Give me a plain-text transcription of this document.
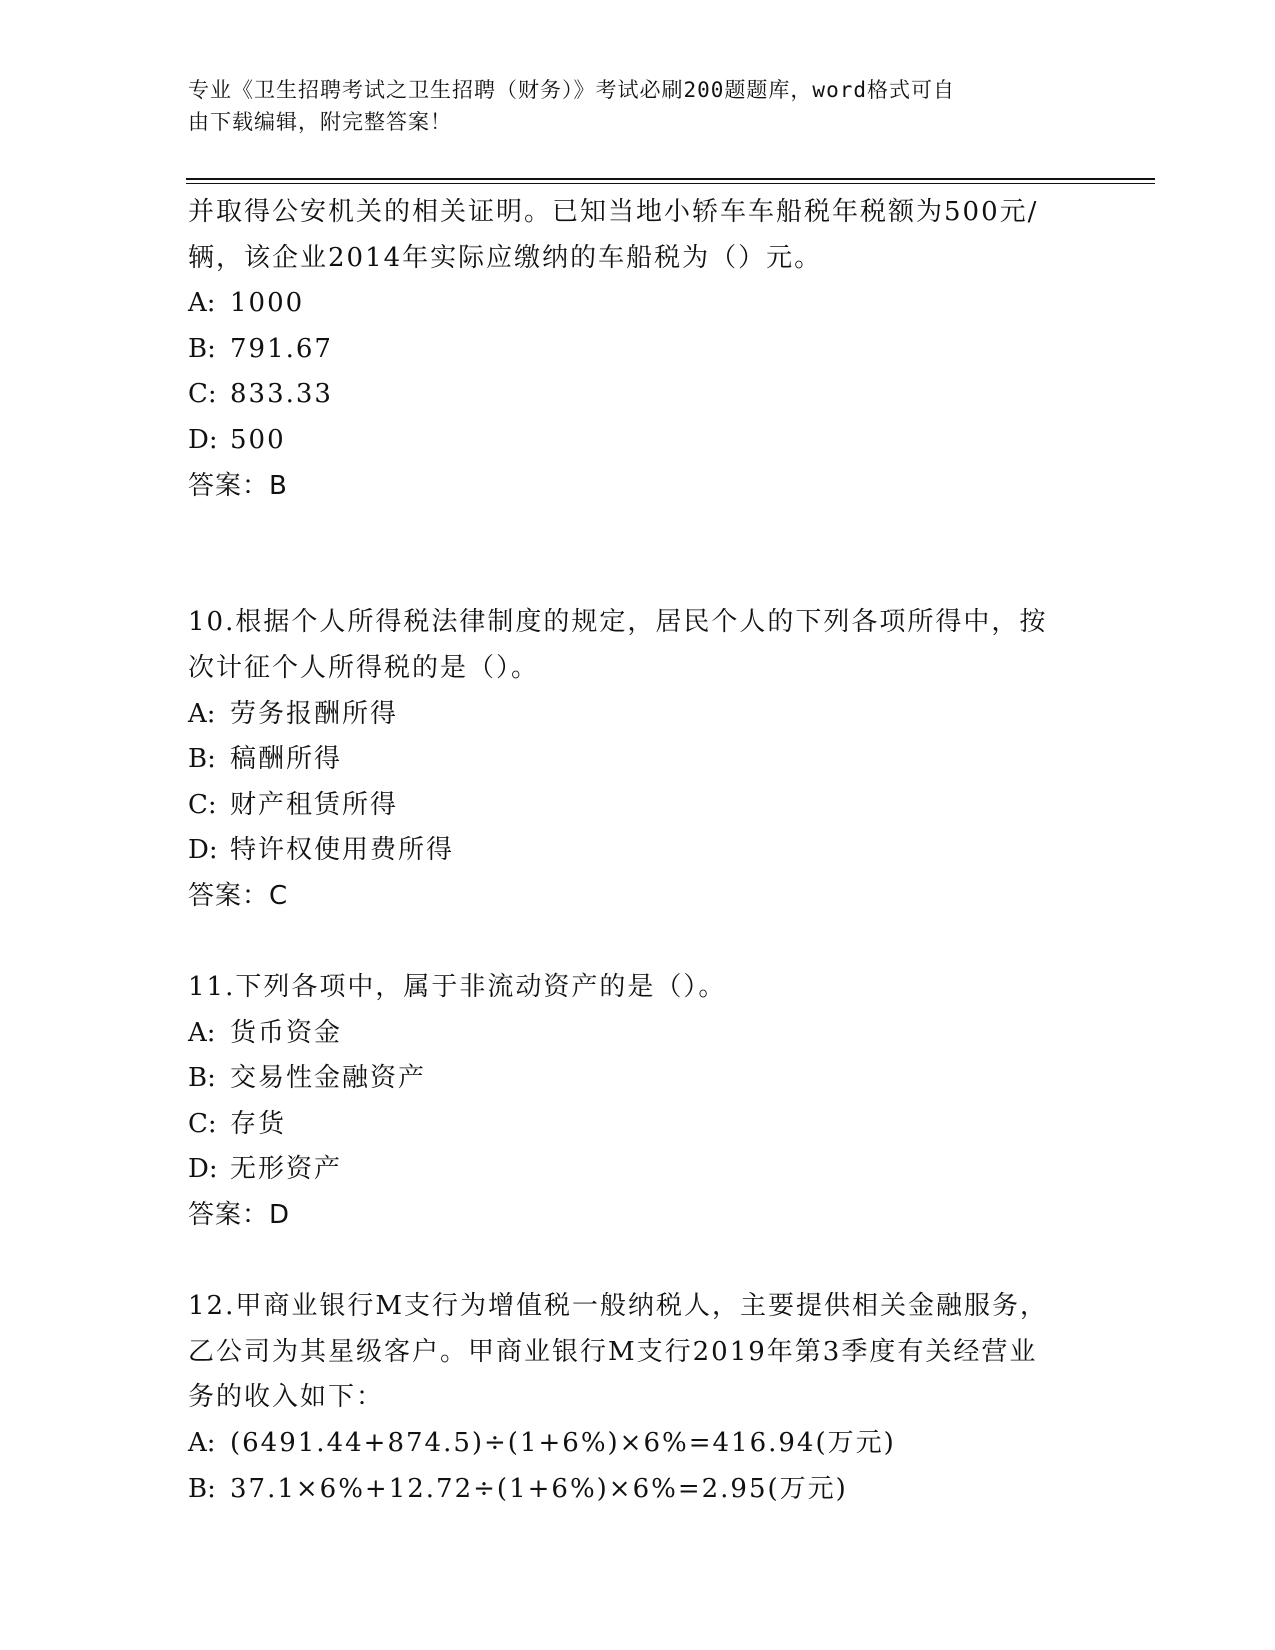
专业《卫生招聘考试之卫生招聘（财务）》考试必刷200题题库，word格式可自
由下载编辑，附完整答案！
并取得公安机关的相关证明。已知当地小轿车车船税年税额为500元/
辆，该企业2014年实际应缴纳的车船税为（）元。
A: 1000
B: 791.67
C: 833.33
D: 500
答案：B
10.根据个人所得税法律制度的规定，居民个人的下列各项所得中，按
次计征个人所得税的是（）。
A: 劳务报酬所得
B: 稿酬所得
C: 财产租赁所得
D: 特许权使用费所得
答案：C
11.下列各项中，属于非流动资产的是（）。
A: 货币资金
B: 交易性金融资产
C: 存货
D: 无形资产
答案：D
12.甲商业银行M支行为增值税一般纳税人，主要提供相关金融服务，
乙公司为其星级客户。甲商业银行M支行2019年第3季度有关经营业
务的收入如下：
A: (6491.44+874.5)÷(1+6%)×6%=416.94(万元)
B: 37.1×6%+12.72÷(1+6%)×6%=2.95(万元)
